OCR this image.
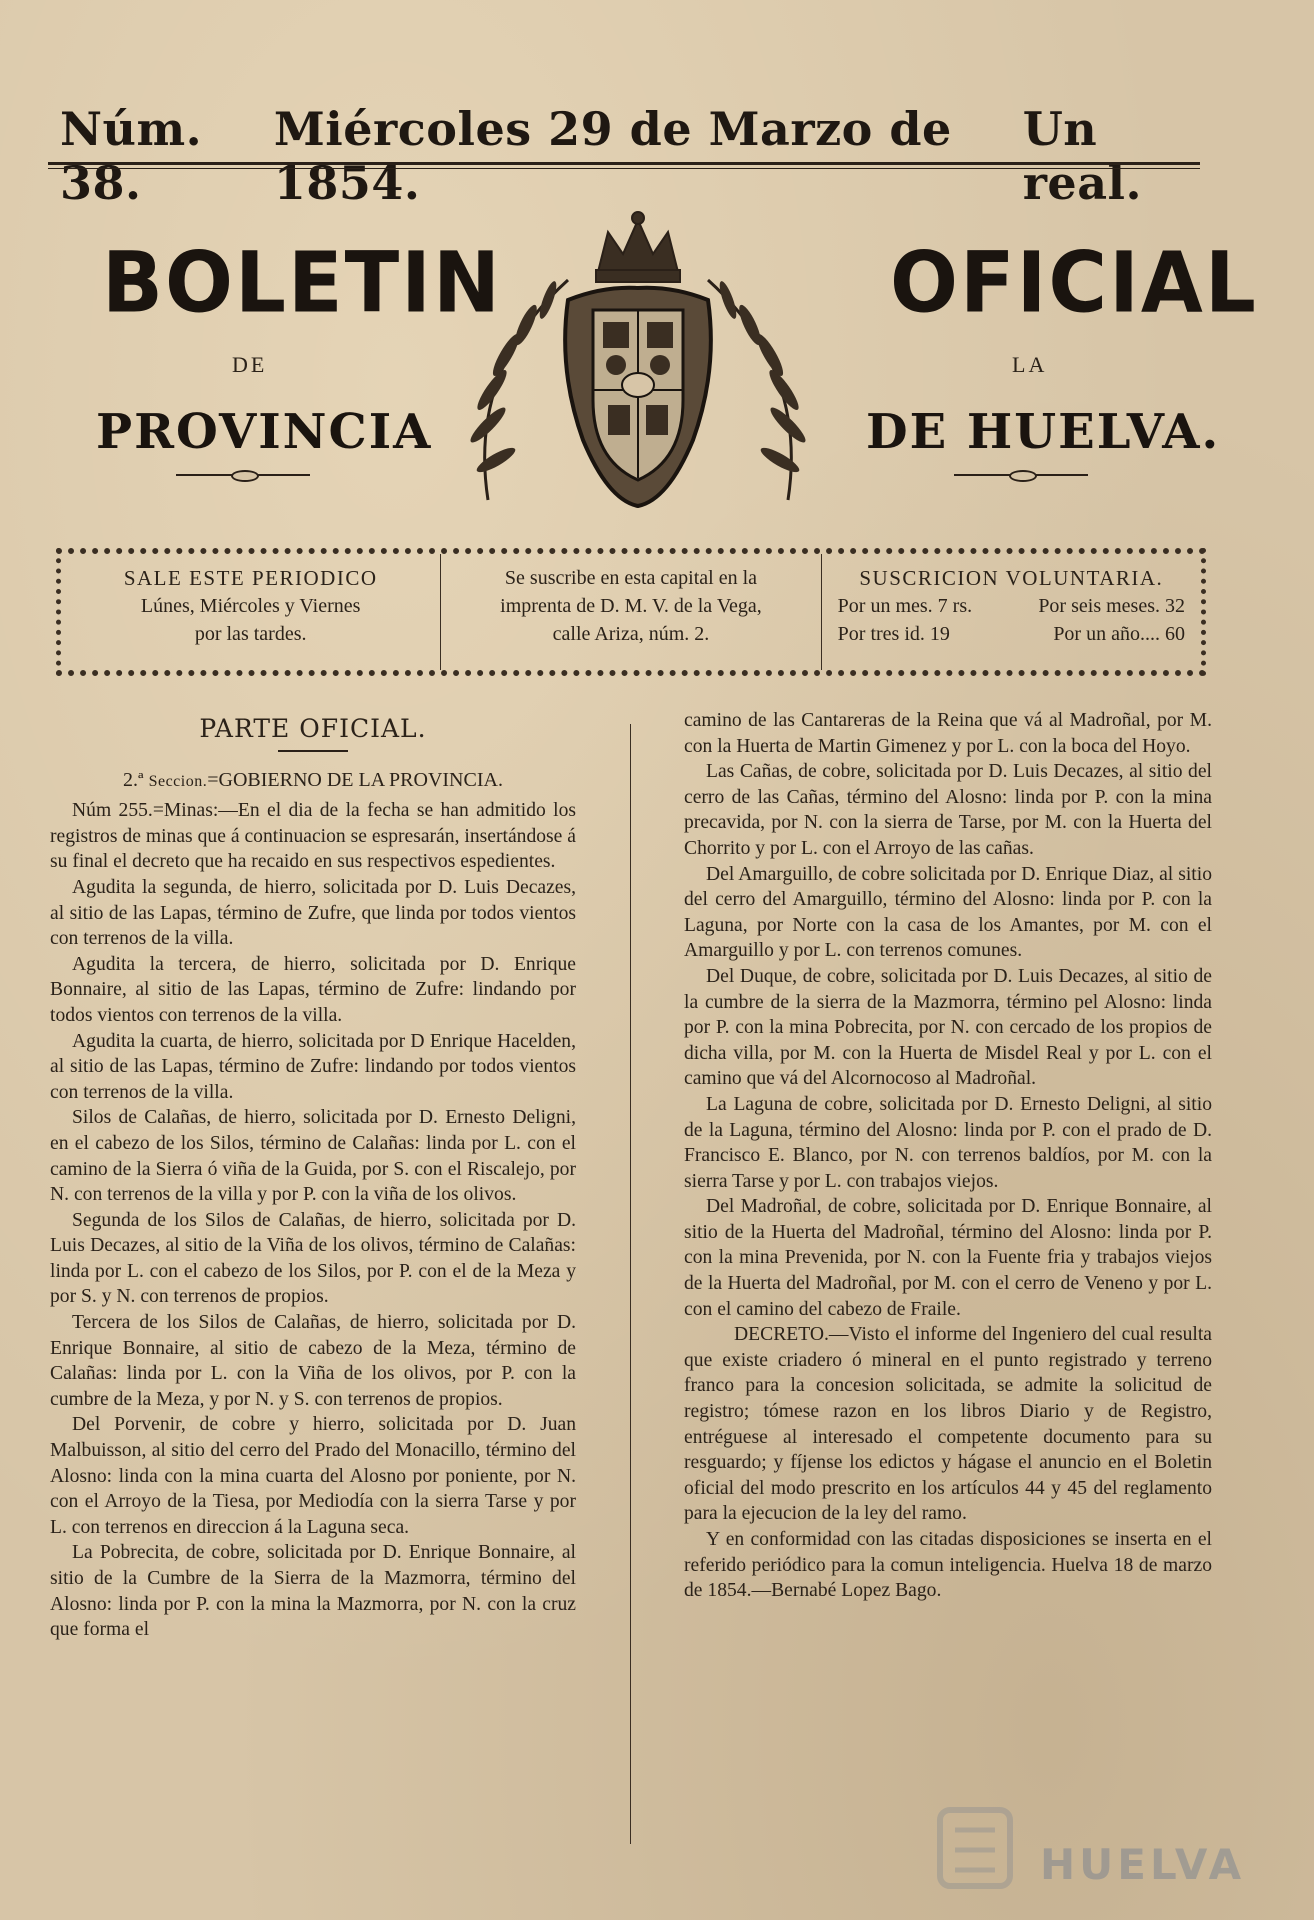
Núm. 38.
Miércoles 29 de Marzo de 1854.
Un real.
BOLETIN	OFICIAL
DE	LA
PROVINCIA	DE HUELVA.
SALE ESTE PERIODICO
Lúnes, Miércoles y Viernes
por las tardes.
Se suscribe en esta capital en la
imprenta de D. M. V. de la Vega,
calle Ariza, núm. 2.
SUSCRICION VOLUNTARIA.
Por un mes. 7 rs.	Por seis meses. 32
Por tres id. 19	Por un año.... 60
PARTE OFICIAL.
2.ª Seccion.=GOBIERNO DE LA PROVINCIA.

Núm 255.=Minas:—En el dia de la fecha se han admitido los registros de minas que á continuacion se espresarán, insertándose á su final el decreto que ha recaido en sus respectivos espedientes.

Agudita la segunda, de hierro, solicitada por D. Luis Decazes, al sitio de las Lapas, término de Zufre, que linda por todos vientos con terrenos de la villa.

Agudita la tercera, de hierro, solicitada por D. Enrique Bonnaire, al sitio de las Lapas, término de Zufre: lindando por todos vientos con terrenos de la villa.

Agudita la cuarta, de hierro, solicitada por D Enrique Hacelden, al sitio de las Lapas, término de Zufre: lindando por todos vientos con terrenos de la villa.

Silos de Calañas, de hierro, solicitada por D. Ernesto Deligni, en el cabezo de los Silos, término de Calañas: linda por L. con el camino de la Sierra ó viña de la Guida, por S. con el Riscalejo, por N. con terrenos de la villa y por P. con la viña de los olivos.

Segunda de los Silos de Calañas, de hierro, solicitada por D. Luis Decazes, al sitio de la Viña de los olivos, término de Calañas: linda por L. con el cabezo de los Silos, por P. con el de la Meza y por S. y N. con terrenos de propios.

Tercera de los Silos de Calañas, de hierro, solicitada por D. Enrique Bonnaire, al sitio de cabezo de la Meza, término de Calañas: linda por L. con la Viña de los olivos, por P. con la cumbre de la Meza, y por N. y S. con terrenos de propios.

Del Porvenir, de cobre y hierro, solicitada por D. Juan Malbuisson, al sitio del cerro del Prado del Monacillo, término del Alosno: linda con la mina cuarta del Alosno por poniente, por N. con el Arroyo de la Tiesa, por Mediodía con la sierra Tarse y por L. con terrenos en direccion á la Laguna seca.

La Pobrecita, de cobre, solicitada por D. Enrique Bonnaire, al sitio de la Cumbre de la Sierra de la Mazmorra, término del Alosno: linda por P. con la mina la Mazmorra, por N. con la cruz que forma el

camino de las Cantareras de la Reina que vá al Madroñal, por M. con la Huerta de Martin Gimenez y por L. con la boca del Hoyo.

Las Cañas, de cobre, solicitada por D. Luis Decazes, al sitio del cerro de las Cañas, término del Alosno: linda por P. con la mina precavida, por N. con la sierra de Tarse, por M. con la Huerta del Chorrito y por L. con el Arroyo de las cañas.

Del Amarguillo, de cobre solicitada por D. Enrique Diaz, al sitio del cerro del Amarguillo, término del Alosno: linda por P. con la Laguna, por Norte con la casa de los Amantes, por M. con el Amarguillo y por L. con terrenos comunes.

Del Duque, de cobre, solicitada por D. Luis Decazes, al sitio de la cumbre de la sierra de la Mazmorra, término pel Alosno: linda por P. con la mina Pobrecita, por N. con cercado de los propios de dicha villa, por M. con la Huerta de Misdel Real y por L. con el camino que vá del Alcornocoso al Madroñal.

La Laguna de cobre, solicitada por D. Ernesto Deligni, al sitio de la Laguna, término del Alosno: linda por P. con el prado de D. Francisco E. Blanco, por N. con terrenos baldíos, por M. con la sierra Tarse y por L. con trabajos viejos.

Del Madroñal, de cobre, solicitada por D. Enrique Bonnaire, al sitio de la Huerta del Madroñal, término del Alosno: linda por P. con la mina Prevenida, por N. con la Fuente fria y trabajos viejos de la Huerta del Madroñal, por M. con el cerro de Veneno y por L. con el camino del cabezo de Fraile.

DECRETO.—Visto el informe del Ingeniero del cual resulta que existe criadero ó mineral en el punto registrado y terreno franco para la concesion solicitada, se admite la solicitud de registro; tómese razon en los libros Diario y de Registro, entréguese al interesado el competente documento para su resguardo; y fíjense los edictos y hágase el anuncio en el Boletin oficial del modo prescrito en los artículos 44 y 45 del reglamento para la ejecucion de la ley del ramo.

Y en conformidad con las citadas disposiciones se inserta en el referido periódico para la comun inteligencia. Huelva 18 de marzo de 1854.—Bernabé Lopez Bago.

HUELVA
